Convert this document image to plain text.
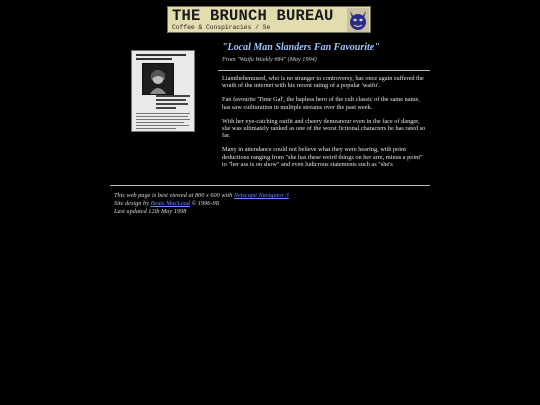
THE BRUNCH BUREAU
Coffee & Conspiracies / Se
"Local Man Slanders Fan Favourite"
From "Waifu Weekly #84" (May 1994)

Liamthebemused, who is no stranger to controversy, has once again suffered the wrath of the internet with his recent rating of a popular 'waifu'.

Fan favourite 'Time Gal', the hapless hero of the cult classic of the same name, has saw cuilturation in multiple streams over the past week.

With her eye-catching outfit and cheery demeanour even in the face of danger, she was ultimately ranked as one of the worst fictional characters he has rated so far.

Many in attendance could not believe what they were hearing, with point deductions ranging from "she has these weird things on her arm, minus a point" to "her ass is on show" and even ludicrous statements such as "she's

This web page is best viewed at 800 x 600 with Netscape Navigator 3
Site design by Beats MacLeod © 1996-98
Last updated 12th May 1998
